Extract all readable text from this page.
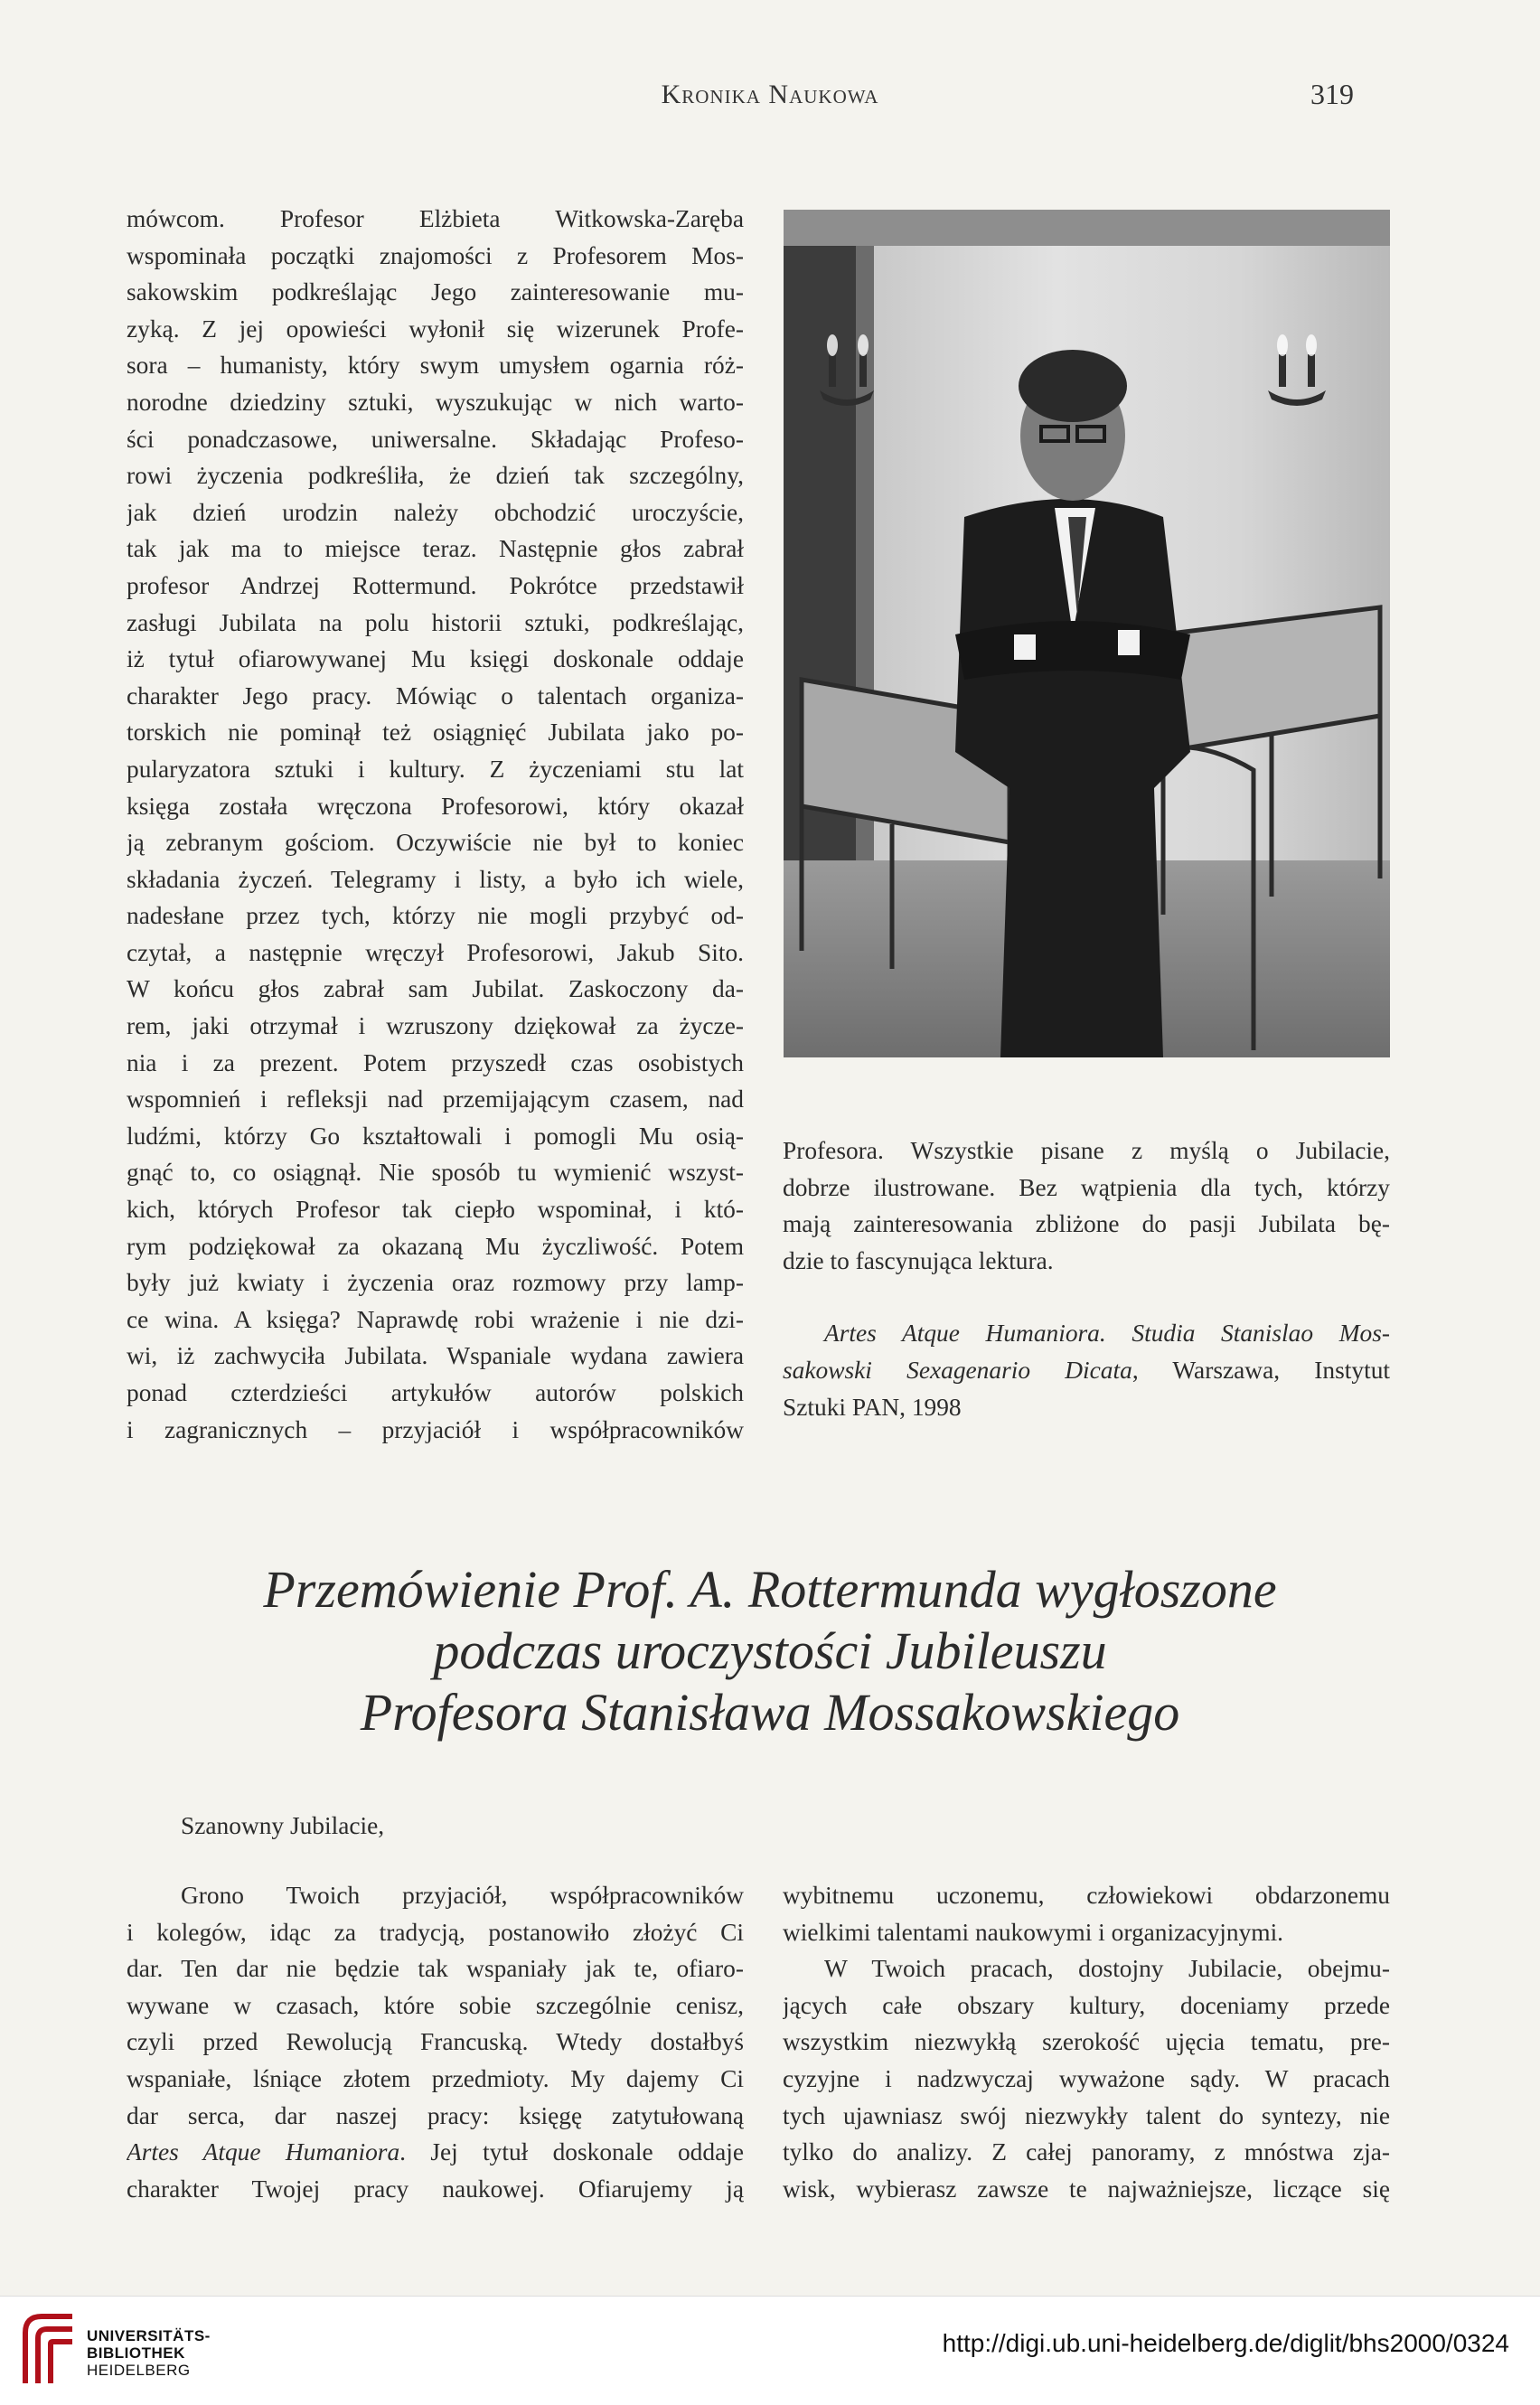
Kronika Naukowa	319
mówcom. Profesor Elżbieta Witkowska-Zaręba
wspominała początki znajomości z Profesorem Mos-
sakowskim podkreślając Jego zainteresowanie mu-
zyką. Z jej opowieści wyłonił się wizerunek Profe-
sora – humanisty, który swym umysłem ogarnia róż-
norodne dziedziny sztuki, wyszukując w nich warto-
ści ponadczasowe, uniwersalne. Składając Profeso-
rowi życzenia podkreśliła, że dzień tak szczególny,
jak dzień urodzin należy obchodzić uroczyście,
tak jak ma to miejsce teraz. Następnie głos zabrał
profesor Andrzej Rottermund. Pokrótce przedstawił
zasługi Jubilata na polu historii sztuki, podkreślając,
iż tytuł ofiarowywanej Mu księgi doskonale oddaje
charakter Jego pracy. Mówiąc o talentach organiza-
torskich nie pominął też osiągnięć Jubilata jako po-
pularyzatora sztuki i kultury. Z życzeniami stu lat
księga została wręczona Profesorowi, który okazał
ją zebranym gościom. Oczywiście nie był to koniec
składania życzeń. Telegramy i listy, a było ich wiele,
nadesłane przez tych, którzy nie mogli przybyć od-
czytał, a następnie wręczył Profesorowi, Jakub Sito.
W końcu głos zabrał sam Jubilat. Zaskoczony da-
rem, jaki otrzymał i wzruszony dziękował za życze-
nia i za prezent. Potem przyszedł czas osobistych
wspomnień i refleksji nad przemijającym czasem, nad
ludźmi, którzy Go kształtowali i pomogli Mu osią-
gnąć to, co osiągnął. Nie sposób tu wymienić wszyst-
kich, których Profesor tak ciepło wspominał, i któ-
rym podziękował za okazaną Mu życzliwość. Potem
były już kwiaty i życzenia oraz rozmowy przy lamp-
ce wina. A księga? Naprawdę robi wrażenie i nie dzi-
wi, iż zachwyciła Jubilata. Wspaniale wydana zawiera
ponad czterdzieści artykułów autorów polskich
i zagranicznych – przyjaciół i współpracowników
Profesora. Wszystkie pisane z myślą o Jubilacie,
dobrze ilustrowane. Bez wątpienia dla tych, którzy
mają zainteresowania zbliżone do pasji Jubilata bę-
dzie to fascynująca lektura.
Artes Atque Humaniora. Studia Stanislao Mos-
sakowski Sexagenario Dicata, Warszawa, Instytut
Sztuki PAN, 1998
Przemówienie Prof. A. Rottermunda wygłoszone
podczas uroczystości Jubileuszu
Profesora Stanisława Mossakowskiego
Szanowny Jubilacie,
Grono Twoich przyjaciół, współpracowników
i kolegów, idąc za tradycją, postanowiło złożyć Ci
dar. Ten dar nie będzie tak wspaniały jak te, ofiaro-
wywane w czasach, które sobie szczególnie cenisz,
czyli przed Rewolucją Francuską. Wtedy dostałbyś
wspaniałe, lśniące złotem przedmioty. My dajemy Ci
dar serca, dar naszej pracy: księgę zatytułowaną
Artes Atque Humaniora. Jej tytuł doskonale oddaje
charakter Twojej pracy naukowej. Ofiarujemy ją
wybitnemu uczonemu, człowiekowi obdarzonemu
wielkimi talentami naukowymi i organizacyjnymi.
W Twoich pracach, dostojny Jubilacie, obejmu-
jących całe obszary kultury, doceniamy przede
wszystkim niezwykłą szerokość ujęcia tematu, pre-
cyzyjne i nadzwyczaj wyważone sądy. W pracach
tych ujawniasz swój niezwykły talent do syntezy, nie
tylko do analizy. Z całej panoramy, z mnóstwa zja-
wisk, wybierasz zawsze te najważniejsze, liczące się
UNIVERSITÄTS-
BIBLIOTHEK
HEIDELBERG
http://digi.ub.uni-heidelberg.de/diglit/bhs2000/0324
